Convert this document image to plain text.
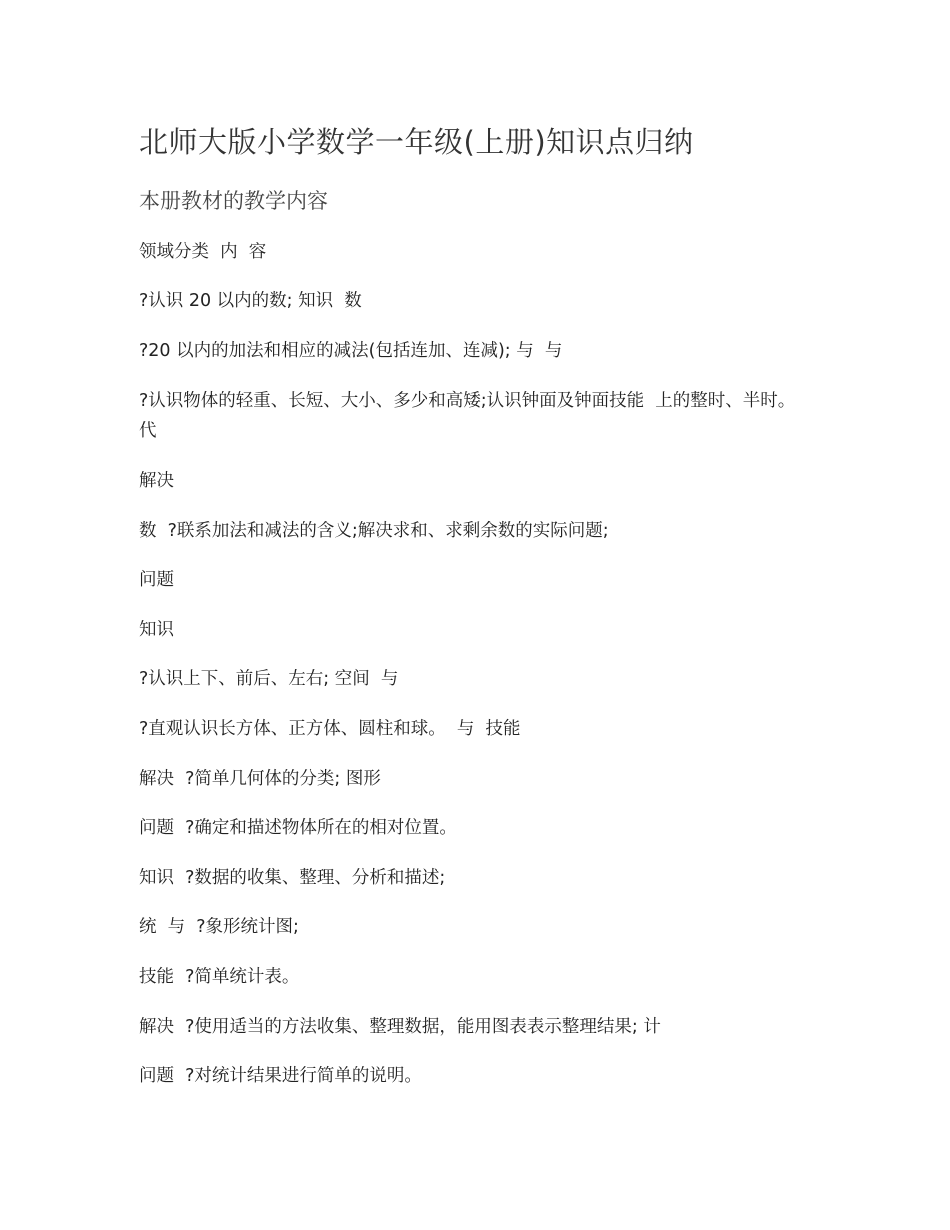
北师大版小学数学一年级(上册)知识点归纳
本册教材的教学内容

领域分类  内  容

?认识 20 以内的数; 知识  数

?20 以内的加法和相应的减法(包括连加、连减); 与  与

?认识物体的轻重、长短、大小、多少和高矮;认识钟面及钟面技能  上的整时、半时。  代

解决

数  ?联系加法和减法的含义;解决求和、求剩余数的实际问题;

问题

知识

?认识上下、前后、左右; 空间  与

?直观认识长方体、正方体、圆柱和球。  与  技能

解决  ?简单几何体的分类; 图形

问题  ?确定和描述物体所在的相对位置。

知识  ?数据的收集、整理、分析和描述;

统  与  ?象形统计图;

技能  ?简单统计表。

解决  ?使用适当的方法收集、整理数据，能用图表表示整理结果; 计

问题  ?对统计结果进行简单的说明。
